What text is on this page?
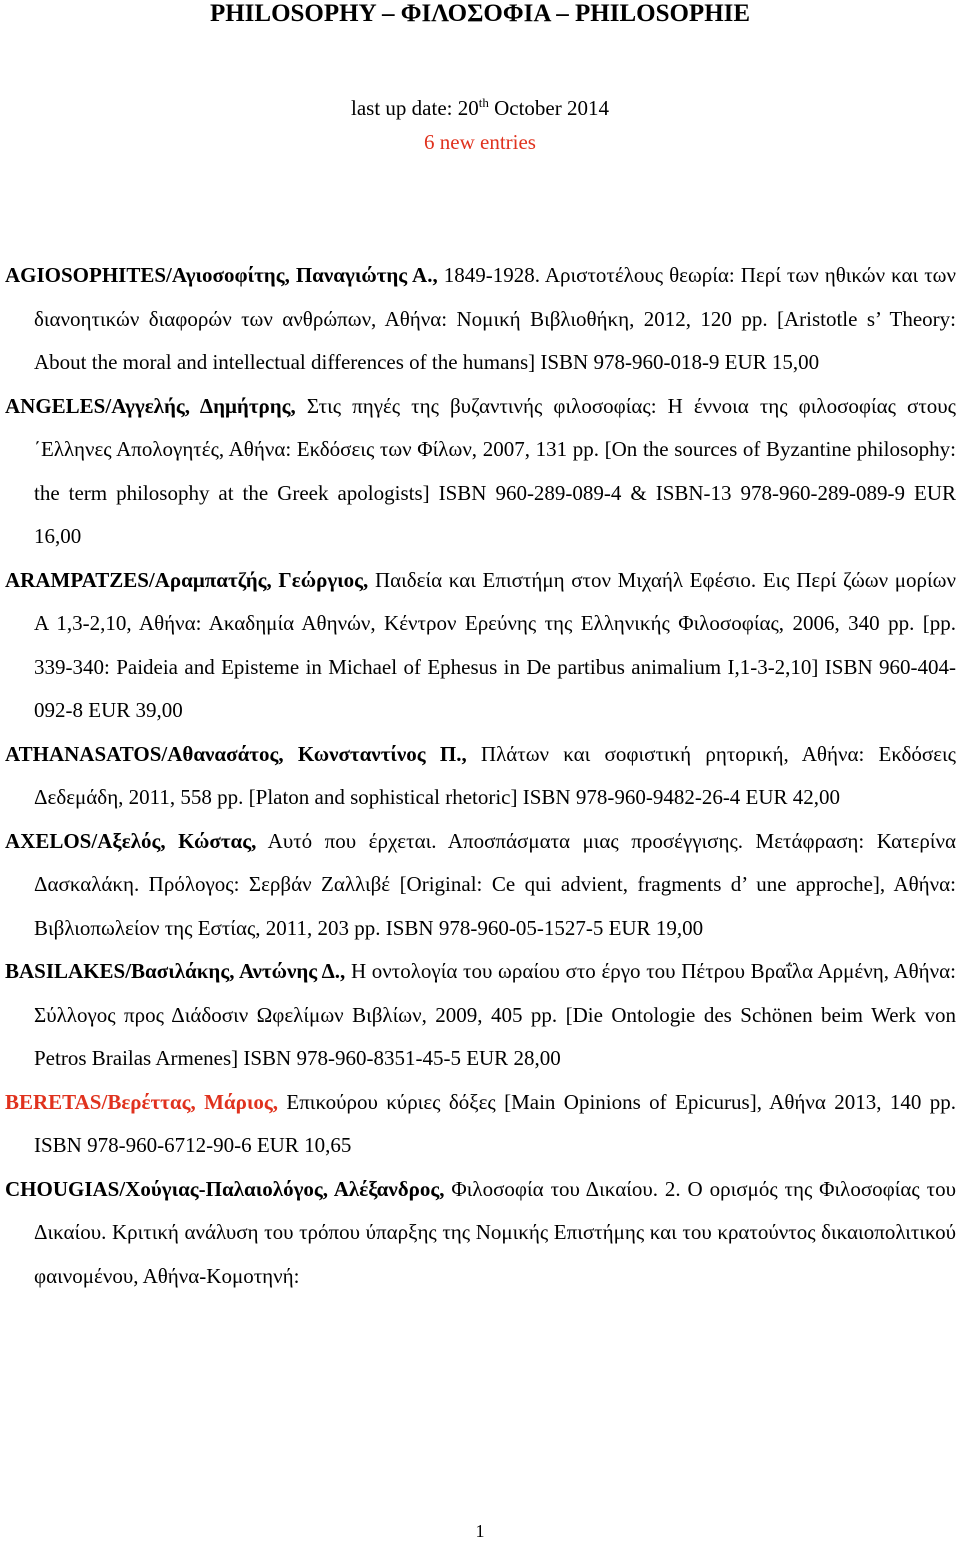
PHILOSOPHY – ΦΙΛΟΣΟΦΙΑ – PHILOSOPHIE
last up date: 20th October 2014
6 new entries

AGIOSOPHITES/Αγιοσοφίτης, Παναγιώτης Α., 1849-1928. Αριστοτέλους θεωρία: Περί των ηθικών και των διανοητικών διαφορών των ανθρώπων, Αθήνα: Νομική Βιβλιοθήκη, 2012, 120 pp. [Aristotle s’ Theory: About the moral and intellectual differences of the humans] ISBN 978-960-018-9 EUR 15,00

ANGELES/Αγγελής, Δημήτρης, Στις πηγές της βυζαντινής φιλοσοφίας: Η έννοια της φιλοσοφίας στους ΄Ελληνες Απολογητές, Αθήνα: Εκδόσεις των Φίλων, 2007, 131 pp. [On the sources of Byzantine philosophy: the term philosophy at the Greek apologists] ISBN 960-289-089-4 & ISBN-13 978-960-289-089-9 EUR 16,00

ARAMPATZES/Αραμπατζής, Γεώργιος, Παιδεία και Επιστήμη στον Μιχαήλ Εφέσιο. Εις Περί ζώων μορίων Α 1,3-2,10, Αθήνα: Ακαδημία Αθηνών, Κέντρον Ερεύνης της Ελληνικής Φιλοσοφίας, 2006, 340 pp. [pp. 339-340: Paideia and Episteme in Michael of Ephesus in De partibus animalium I,1-3-2,10] ISBN 960-404-092-8 EUR 39,00

ATHANASATOS/Αθανασάτος, Κωνσταντίνος Π., Πλάτων και σοφιστική ρητορική, Αθήνα: Εκδόσεις Δεδεμάδη, 2011, 558 pp. [Platon and sophistical rhetoric] ISBN 978-960-9482-26-4 EUR 42,00

AXELOS/Αξελός, Κώστας, Αυτό που έρχεται. Αποσπάσματα μιας προσέγγισης. Μετάφραση: Κατερίνα Δασκαλάκη. Πρόλογος: Σερβάν Ζαλλιβέ [Original: Ce qui advient, fragments d’ une approche], Αθήνα: Βιβλιοπωλείον της Εστίας, 2011, 203 pp. ISBN 978-960-05-1527-5 EUR 19,00

BASILAKES/Βασιλάκης, Αντώνης Δ., Η οντολογία του ωραίου στο έργο του Πέτρου Βραΐλα Αρμένη, Αθήνα: Σύλλογος προς Διάδοσιν Ωφελίμων Βιβλίων, 2009, 405 pp. [Die Ontologie des Schönen beim Werk von Petros Brailas Armenes] ISBN 978-960-8351-45-5 EUR 28,00

BERETAS/Βερέττας, Μάριος, Επικούρου κύριες δόξες [Main Opinions of Epicurus], Αθήνα 2013, 140 pp. ISBN 978-960-6712-90-6 EUR 10,65

CHOUGIAS/Χούγιας-Παλαιολόγος, Αλέξανδρος, Φιλοσοφία του Δικαίου. 2. Ο ορισμός της Φιλοσοφίας του Δικαίου. Κριτική ανάλυση του τρόπου ύπαρξης της Νομικής Επιστήμης και του κρατούντος δικαιοπολιτικού φαινομένου, Αθήνα-Κομοτηνή:

1
